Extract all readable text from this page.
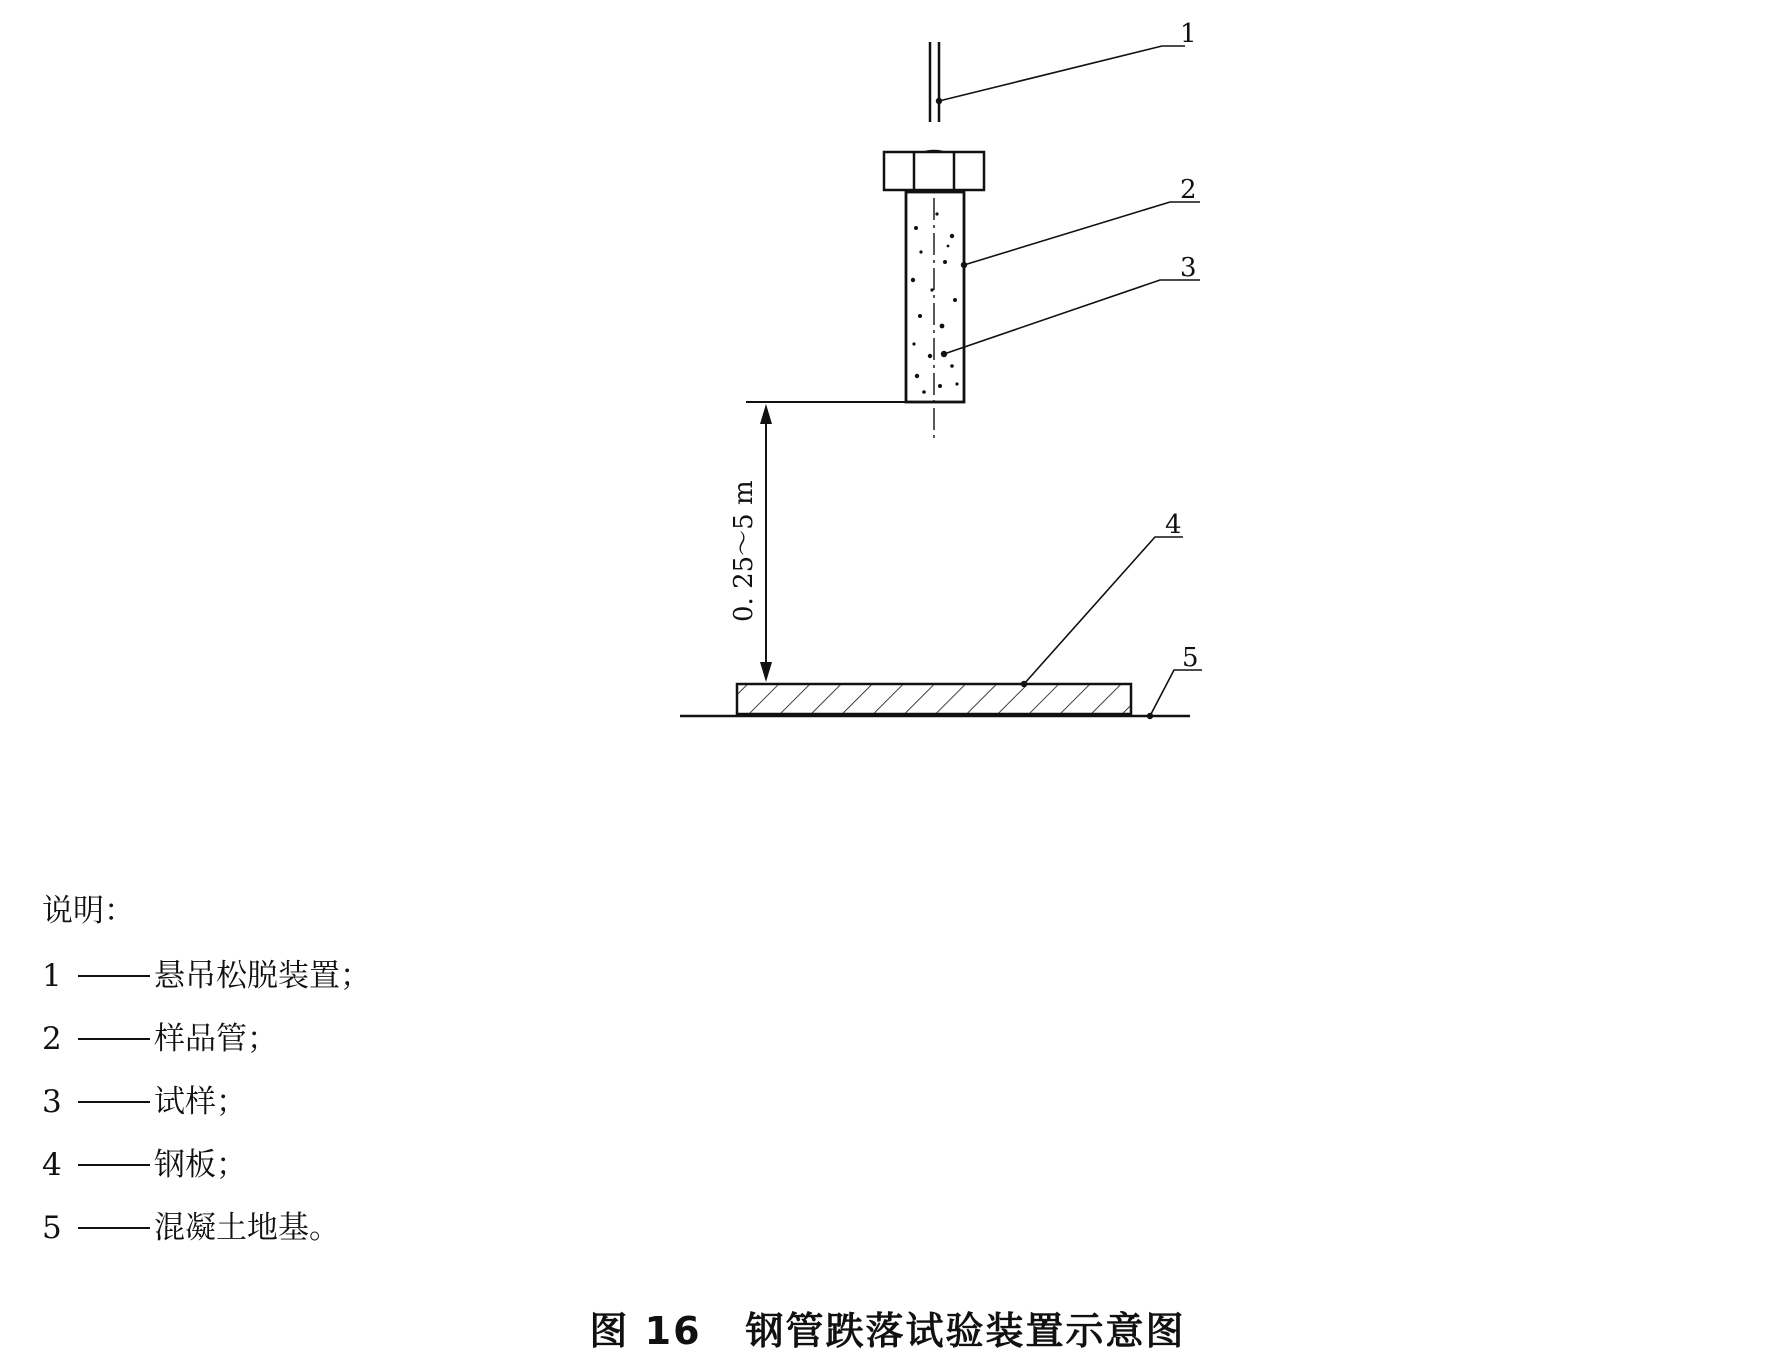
0. 25～5 m
1
2
3
4
5
说明：
1	悬吊松脱装置；
2	样品管；
3	试样；
4	钢板；
5	混凝土地基。
图 16 钢管跌落试验装置示意图
